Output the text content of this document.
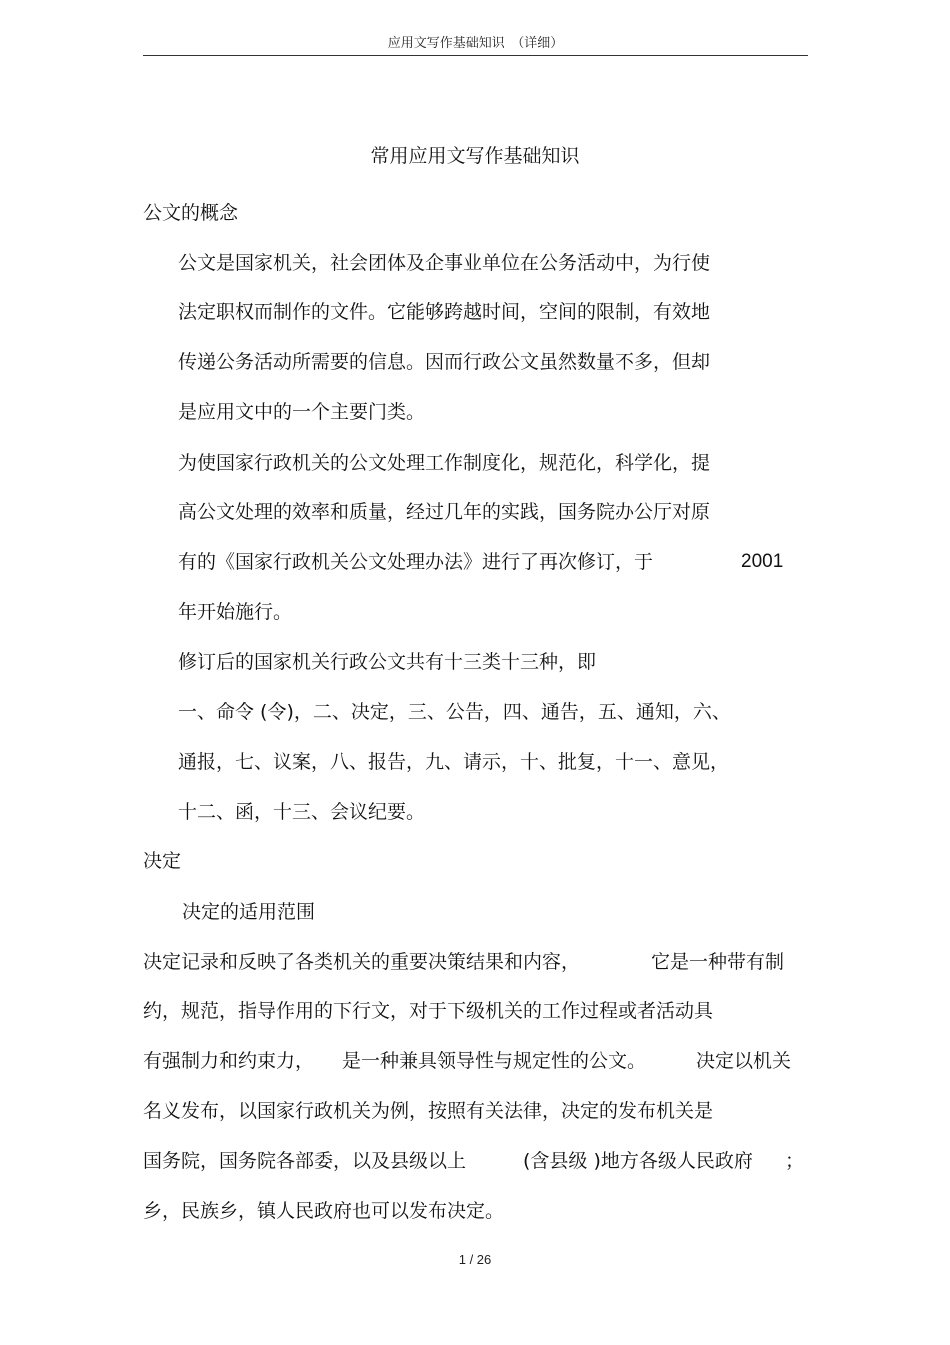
应用文写作基础知识　（详细）
常用应用文写作基础知识
公文的概念
公文是国家机关，社会团体及企事业单位在公务活动中，为行使
法定职权而制作的文件。它能够跨越时间，空间的限制，有效地
传递公务活动所需要的信息。因而行政公文虽然数量不多，但却
是应用文中的一个主要门类。
为使国家行政机关的公文处理工作制度化，规范化，科学化，提
高公文处理的效率和质量，经过几年的实践，国务院办公厅对原
有的《国家行政机关公文处理办法》进行了再次修订，于	2001
年开始施行。
修订后的国家机关行政公文共有十三类十三种，即
一、命令 (令)，二、决定，三、公告，四、通告，五、通知，六、
通报，七、议案，八、报告，九、请示，十、批复，十一、意见，
十二、函，十三、会议纪要。
决定
决定的适用范围
决定记录和反映了各类机关的重要决策结果和内容，	它是一种带有制
约，规范，指导作用的下行文，对于下级机关的工作过程或者活动具
有强制力和约束力， 是一种兼具领导性与规定性的公文。	决定以机关
名义发布，以国家行政机关为例，按照有关法律，决定的发布机关是
国务院，国务院各部委，以及县级以上	(含县级 )地方各级人民政府 ；
乡，民族乡，镇人民政府也可以发布决定。
1 / 26
